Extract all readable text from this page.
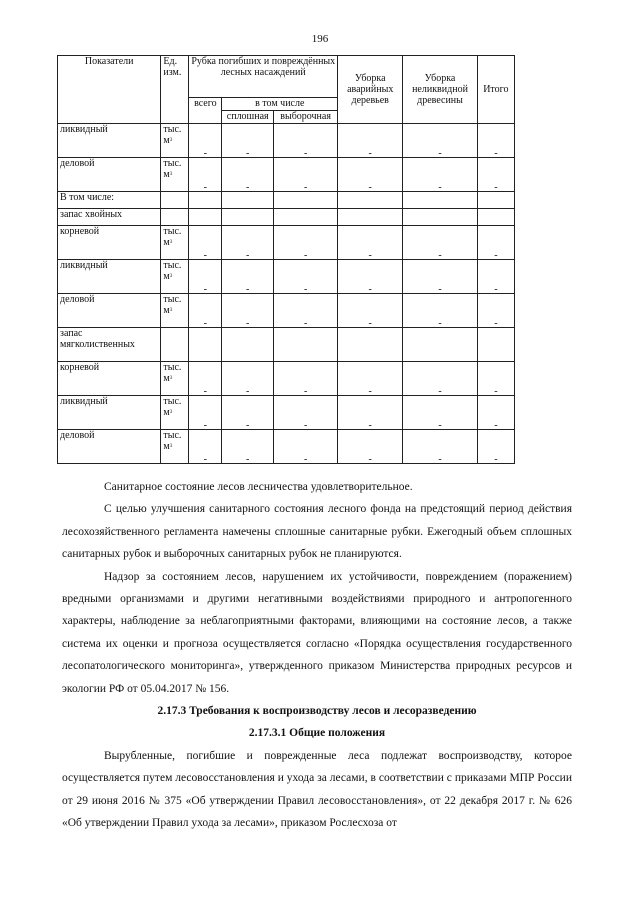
196
Показатели	Ед. изм.	Рубка погибших и повреждённых лесных насаждений			Уборка аварийных деревьев	Уборка неликвидной древесины	Итого
		всего	в том числе				
			сплошная	выборочная			
ликвидный	тыс. $м^3$	-	-	-	-	-	-
деловой	тыс. $м^3$	-	-	-	-	-	-
В том числе:							
запас хвойных							
корневой	тыс. $м^3$	-	-	-	-	-	-
ликвидный	тыс. $м^3$	-	-	-	-	-	-
деловой	тыс. $м^3$	-	-	-	-	-	-
запас мягколиственных							
корневой	тыс. $м^3$	-	-	-	-	-	-
ликвидный	тыс. $м^3$	-	-	-	-	-	-
деловой	тыс. $м^3$	-	-	-	-	-	-

Санитарное состояние лесов лесничества удовлетворительное.

С целью улучшения санитарного состояния лесного фонда на предстоящий период действия лесохозяйственного регламента намечены сплошные санитарные рубки. Ежегодный объем сплошных санитарных рубок и выборочных санитарных рубок не планируются.

Надзор за состоянием лесов, нарушением их устойчивости, повреждением (поражением) вредными организмами и другими негативными воздействиями природного и антропогенного характеры, наблюдение за неблагоприятными факторами, влияющими на состояние лесов, а также система их оценки и прогноза осуществляется согласно «Порядка осуществления государственного лесопатологического мониторинга», утвержденного приказом Министерства природных ресурсов и экологии РФ от 05.04.2017 № 156.

2.17.3 Требования к воспроизводству лесов и лесоразведению

2.17.3.1 Общие положения

Вырубленные, погибшие и поврежденные леса подлежат воспроизводству, которое осуществляется путем лесовосстановления и ухода за лесами, в соответствии с приказами МПР России от 29 июня 2016 № 375 «Об утверждении Правил лесовосстановления», от 22 декабря 2017 г. № 626 «Об утверждении Правил ухода за лесами», приказом Рослесхоза от
